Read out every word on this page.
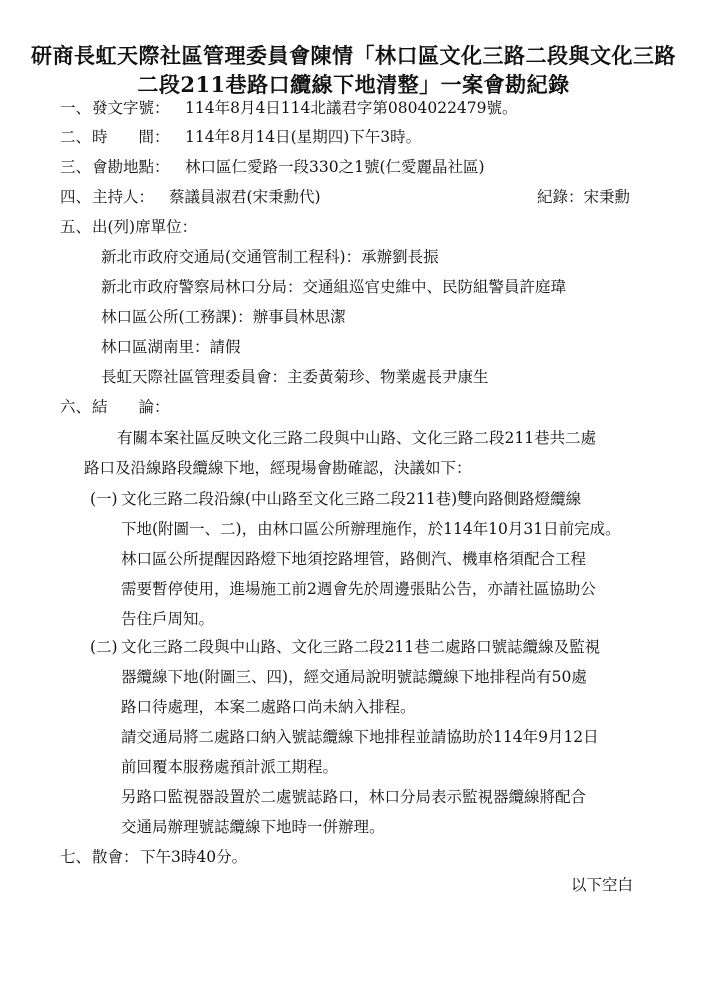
研商長虹天際社區管理委員會陳情「林口區文化三路二段與文化三路
二段211巷路口纜線下地清整」一案會勘紀錄
一、 發文字號： 114年8月4日114北議君字第0804022479號。
二、 時　　間： 114年8月14日(星期四)下午3時。
三、 會勘地點： 林口區仁愛路一段330之1號(仁愛麗晶社區)
四、 主持人： 蔡議員淑君(宋秉勳代)	紀錄：宋秉勳
五、 出(列)席單位：
新北市政府交通局(交通管制工程科)：承辦劉長振
新北市政府警察局林口分局：交通組巡官史維中、民防組警員許庭瑋
林口區公所(工務課)：辦事員林思潔
林口區湖南里：請假
長虹天際社區管理委員會：主委黃菊珍、物業處長尹康生
六、 結　　論：
有關本案社區反映文化三路二段與中山路、文化三路二段211巷共二處
路口及沿線路段纜線下地，經現場會勘確認，決議如下：
(一) 文化三路二段沿線(中山路至文化三路二段211巷)雙向路側路燈纜線
下地(附圖一、二)，由林口區公所辦理施作，於114年10月31日前完成。
林口區公所提醒因路燈下地須挖路埋管，路側汽、機車格須配合工程
需要暫停使用，進場施工前2週會先於周邊張貼公告，亦請社區協助公
告住戶周知。
(二) 文化三路二段與中山路、文化三路二段211巷二處路口號誌纜線及監視
器纜線下地(附圖三、四)，經交通局說明號誌纜線下地排程尚有50處
路口待處理，本案二處路口尚未納入排程。
請交通局將二處路口納入號誌纜線下地排程並請協助於114年9月12日
前回覆本服務處預計派工期程。
另路口監視器設置於二處號誌路口，林口分局表示監視器纜線將配合
交通局辦理號誌纜線下地時一併辦理。
七、 散會： 下午3時40分。
以下空白
